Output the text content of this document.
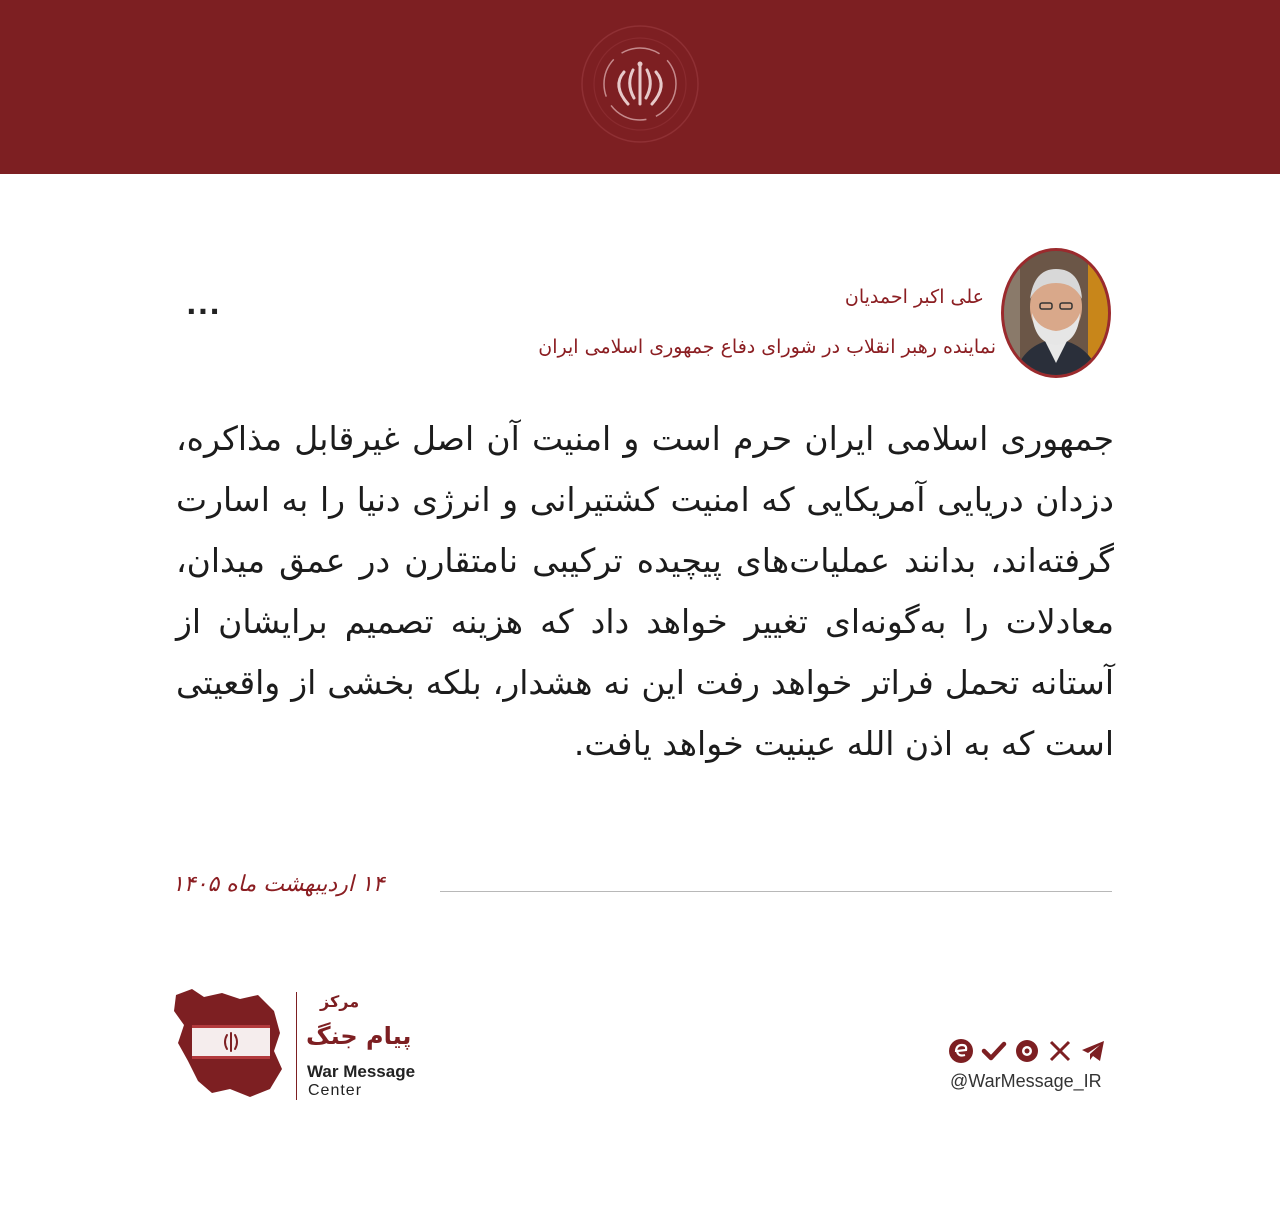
علی اکبر احمدیان
نماینده رهبر انقلاب در شورای دفاع جمهوری اسلامی ایران
...
جمهوری اسلامی ایران حرم است و امنیت آن اصل غیرقابل مذاکره، دزدان دریایی آمریکایی که امنیت کشتیرانی و انرژی دنیا را به اسارت گرفته‌اند، بدانند عملیات‌های پیچیده ترکیبی نامتقارن در عمق میدان، معادلات را به‌گونه‌ای تغییر خواهد داد که هزینه تصمیم برایشان از آستانه تحمل فراتر خواهد رفت این نه هشدار، بلکه بخشی از واقعیتی است که به اذن الله عینیت خواهد یافت.
۱۴ اردیبهشت ماه ۱۴۰۵
مرکز
پیام جنگ
War Message
Center	@WarMessage_IR
